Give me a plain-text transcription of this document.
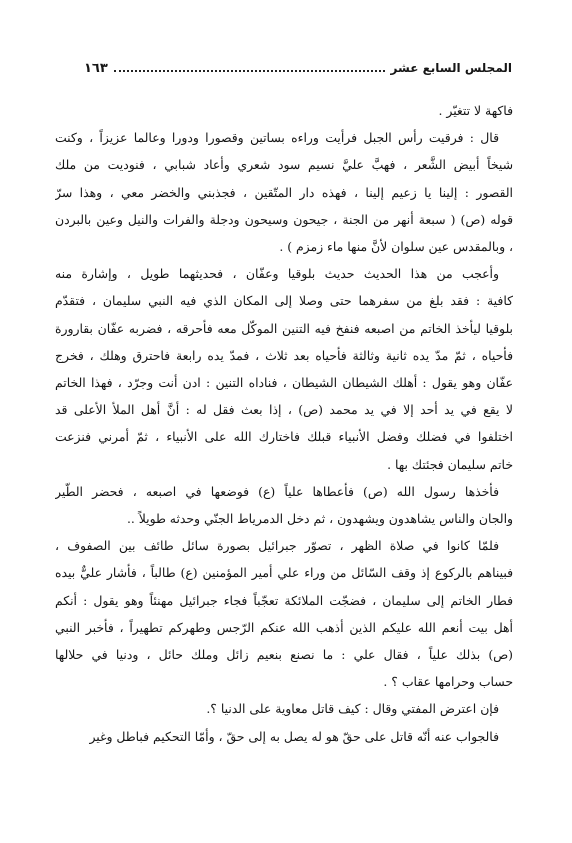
المجلس السابع عشر
١٦٣

فاكهة لا تتغيّر .

قال : فرقيت رأس الجبل فرأيت وراءه بساتين وقصورا ودورا وعالما عزيزاً ، وكنت
شيخاً أبيض الشَّعر ، فهبَّ عليَّ نسيم سود شعري وأعاد شبابي ، فنوديت من ملك
القصور : إلينا يا زعيم إلينا ، فهذه دار المتّقين ، فجذبني والخضر معي ، وهذا سرّ
قوله (ص) ( سبعة أنهر من الجنة ، جيحون وسيحون ودجلة والفرات والنيل وعين بالبردن
، وبالمقدس عين سلوان لأنَّ منها ماء زمزم ) .

وأعجب من هذا الحديث حديث بلوقيا وعفّان ، فحديثهما طويل ، وإشارة منه
كافية : فقد بلغ من سفرهما حتى وصلا إلى المكان الذي فيه النبي سليمان ، فتقدّم
بلوقيا ليأخذ الخاتم من اصبعه فنفخ فيه التنين الموكّل معه فأحرقه ، فضربه عفّان بقارورة
فأحياه ، ثمّ مدّ يده ثانية وثالثة فأحياه بعد ثلاث ، فمدّ يده رابعة فاحترق وهلك ، فخرج
عفّان وهو يقول : أهلك الشيطان الشيطان ، فناداه التنين : ادن أنت وجرّد ، فهذا الخاتم
لا يقع في يد أحد إلا في يد محمد (ص) ، إذا بعث فقل له : أنَّ أهل الملأ الأعلى قد
اختلفوا في فضلك وفضل الأنبياء قبلك فاختارك الله على الأنبياء ، ثمّ أمرني فنزعت
خاتم سليمان فجئتك بها .

فأخذها رسول الله (ص) فأعطاها علياً (ع) فوضعها في اصبعه ، فحضر الطّير
والجان والناس يشاهدون ويشهدون ، ثم دخل الدمرياط الجنّي وحدثه طويلاً ..

فلمّا كانوا في صلاة الظهر ، تصوّر جبرائيل بصورة سائل طائف بين الصفوف ،
فبيناهم بالركوع إذ وقف السّائل من وراء علي أمير المؤمنين (ع) طالباً ، فأشار عليٌّ بيده
فطار الخاتم إلى سليمان ، فضجّت الملائكة تعجّباً فجاء جبرائيل مهنئاً وهو يقول : أنكم
أهل بيت أنعم الله عليكم الذين أذهب الله عنكم الرّجس وطهركم تطهيراً ، فأخبر النبي
(ص) بذلك علياً ، فقال علي : ما نصنع بنعيم زائل وملك حائل ، ودنيا في حلالها
حساب وحرامها عقاب ؟ .

فإن اعترض المفتي وقال : كيف قاتل معاوية على الدنيا ؟.

فالجواب عنه أنّه قاتل على حقّ هو له يصل به إلى حقّ ، وأمّا التحكيم فباطل وغير
